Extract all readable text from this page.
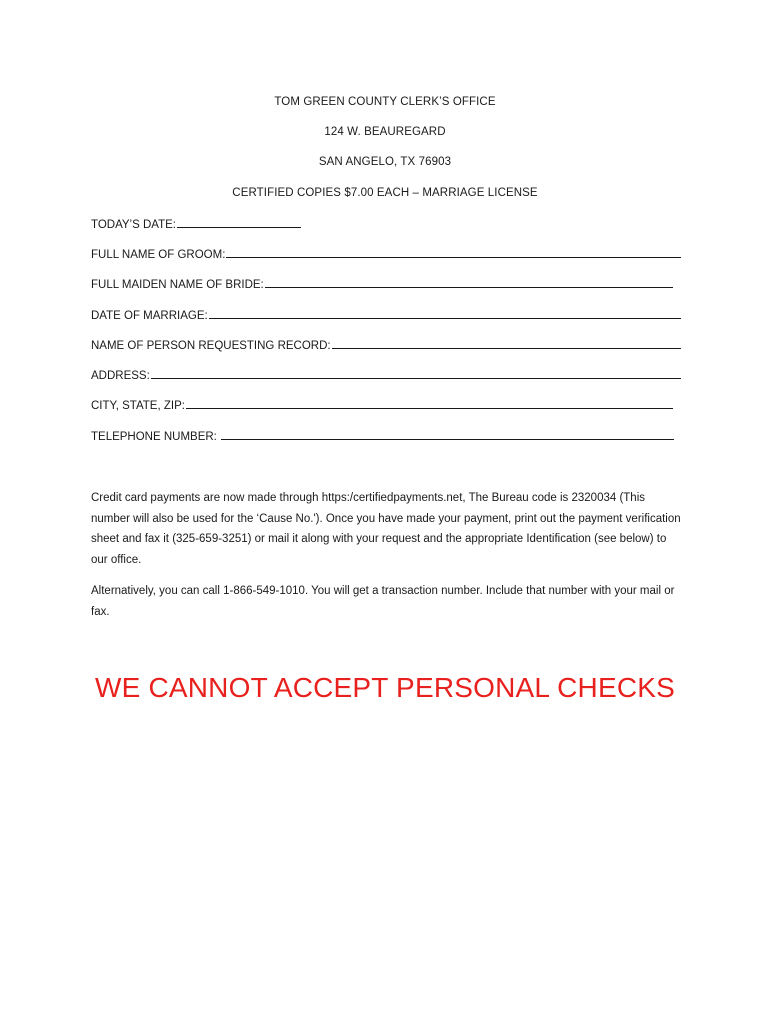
TOM GREEN COUNTY CLERK’S OFFICE
124 W. BEAUREGARD
SAN ANGELO, TX 76903
CERTIFIED COPIES $7.00 EACH – MARRIAGE LICENSE
TODAY’S DATE:
FULL NAME OF GROOM:
FULL MAIDEN NAME OF BRIDE:
DATE OF MARRIAGE:
NAME OF PERSON REQUESTING RECORD:
ADDRESS:
CITY, STATE, ZIP:
TELEPHONE NUMBER:
Credit card payments are now made through https:/certifiedpayments.net, The Bureau code is 2320034 (This number will also be used for the ‘Cause No.'). Once you have made your payment, print out the payment verification sheet and fax it (325-659-3251) or mail it along with your request and the appropriate Identification (see below) to our office.
Alternatively, you can call 1-866-549-1010. You will get a transaction number. Include that number with your mail or fax.
WE CANNOT ACCEPT PERSONAL CHECKS
